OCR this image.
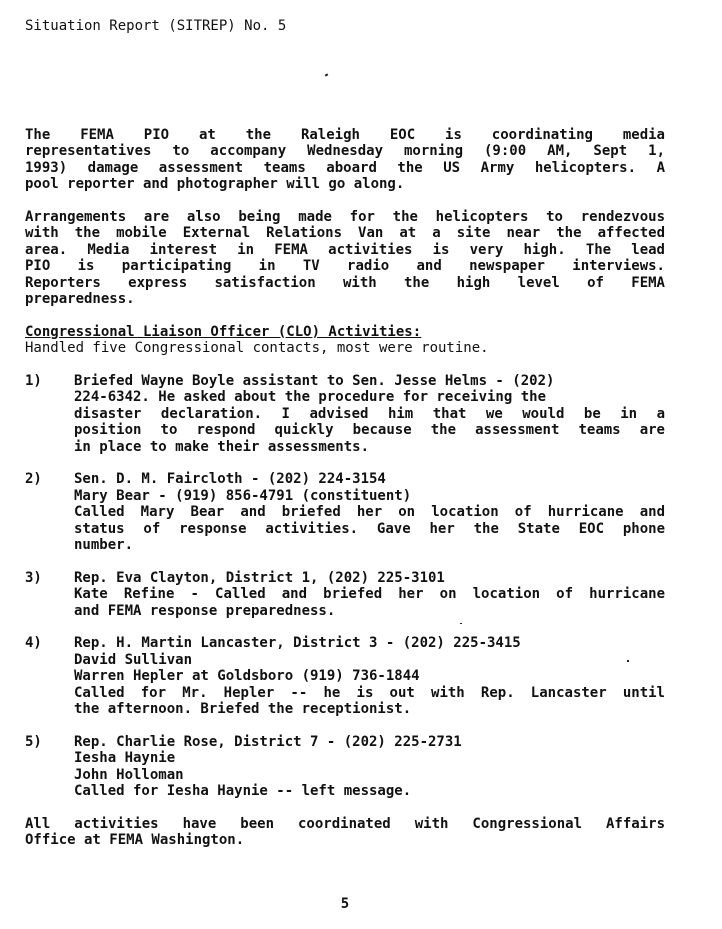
Situation Report (SITREP) No. 5
The FEMA PIO at the Raleigh EOC is coordinating media
representatives to accompany Wednesday morning (9:00 AM, Sept 1,
1993) damage assessment teams aboard the US Army helicopters. A
pool reporter and photographer will go along.
Arrangements are also being made for the helicopters to rendezvous
with the mobile External Relations Van at a site near the affected
area. Media interest in FEMA activities is very high. The lead
PIO is participating in TV radio and newspaper interviews.
Reporters express satisfaction with the high level of FEMA
preparedness.
Congressional Liaison Officer (CLO) Activities:
Handled five Congressional contacts, most were routine.
1)	Briefed Wayne Boyle assistant to Sen. Jesse Helms - (202)
224-6342. He asked about the procedure for receiving the
disaster declaration. I advised him that we would be in a
position to respond quickly because the assessment teams are
in place to make their assessments.
2)	Sen. D. M. Faircloth - (202) 224-3154
Mary Bear - (919) 856-4791 (constituent)
Called Mary Bear and briefed her on location of hurricane and
status of response activities. Gave her the State EOC phone
number.
3)	Rep. Eva Clayton, District 1, (202) 225-3101
Kate Refine - Called and briefed her on location of hurricane
and FEMA response preparedness.
4)	Rep. H. Martin Lancaster, District 3 - (202) 225-3415
David Sullivan
Warren Hepler at Goldsboro (919) 736-1844
Called for Mr. Hepler -- he is out with Rep. Lancaster until
the afternoon. Briefed the receptionist.
5)	Rep. Charlie Rose, District 7 - (202) 225-2731
Iesha Haynie
John Holloman
Called for Iesha Haynie -- left message.
All activities have been coordinated with Congressional Affairs
Office at FEMA Washington.
5
